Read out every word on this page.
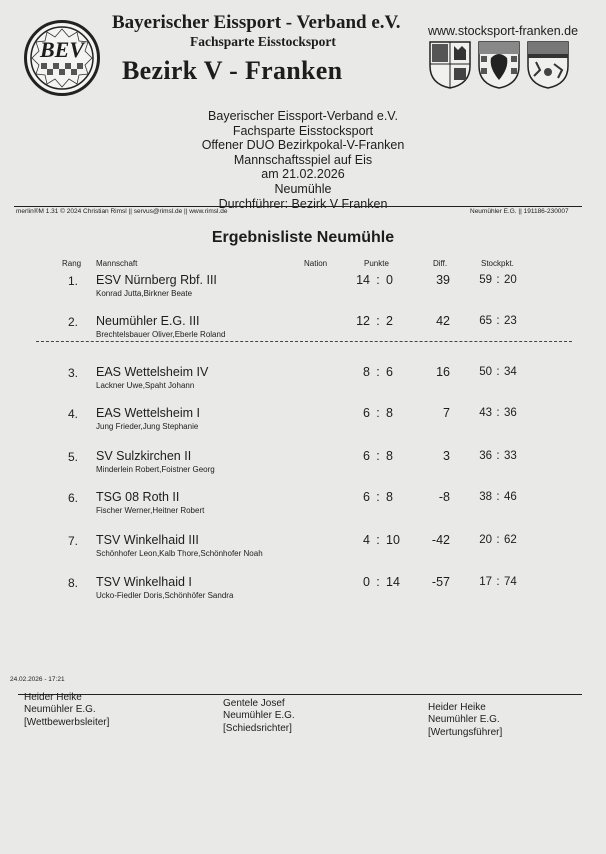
BEV
Bayerischer Eissport - Verband e.V.
Fachsparte Eisstocksport
Bezirk V - Franken
www.stocksport-franken.de
Bayerischer Eissport-Verband e.V.
Fachsparte Eisstocksport
Offener DUO Bezirkpokal-V-Franken
Mannschaftsspiel auf Eis
am 21.02.2026
Neumühle
Durchführer: Bezirk V Franken
merlin®M 1.31 © 2024 Christian Rimsl || servus@rimsl.de || www.rimsl.de	Neumühler E.G. || 191186-230007
Ergebnisliste Neumühle
Rang Mannschaft	Nation	Punkte	Diff.	Stockpkt.
1. ESV Nürnberg Rbf. III
Konrad Jutta,Birkner Beate
14 : 0	39	59 : 20
2. Neumühler E.G. III
Brechtelsbauer Oliver,Eberle Roland
12 : 2	42	65 : 23
3. EAS Wettelsheim IV
Lackner Uwe,Spaht Johann
8 : 6	16	50 : 34
4. EAS Wettelsheim I
Jung Frieder,Jung Stephanie
6 : 8	7	43 : 36
5. SV Sulzkirchen II
Minderlein Robert,Foistner Georg
6 : 8	3	36 : 33
6. TSG 08 Roth II
Fischer Werner,Heitner Robert
6 : 8	-8	38 : 46
7. TSV Winkelhaid III
Schönhofer Leon,Kalb Thore,Schönhofer Noah
4 : 10	-42	20 : 62
8. TSV Winkelhaid I
Ucko-Fiedler Doris,Schönhöfer Sandra
0 : 14	-57	17 : 74
24.02.2026 - 17:21
Heider Heike
Neumühler E.G.
[Wettbewerbsleiter]
Gentele Josef
Neumühler E.G.
[Schiedsrichter]
Heider Heike
Neumühler E.G.
[Wertungsführer]
